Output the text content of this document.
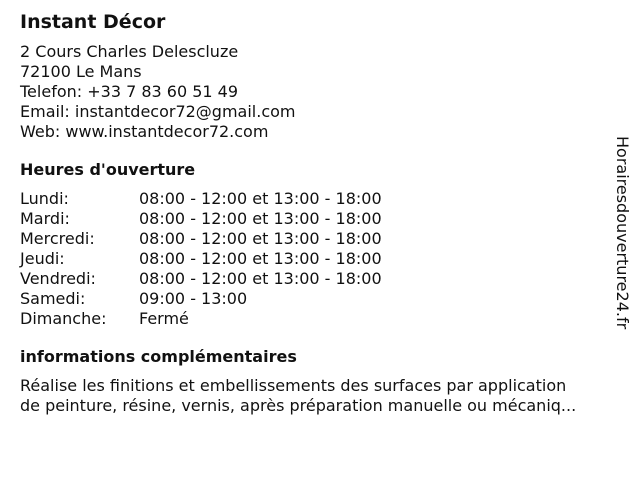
Instant Décor
2 Cours Charles Delescluze
72100 Le Mans
Telefon: +33 7 83 60 51 49
Email: instantdecor72@gmail.com
Web: www.instantdecor72.com
Heures d'ouverture
Lundi:	08:00 - 12:00 et 13:00 - 18:00
Mardi:	08:00 - 12:00 et 13:00 - 18:00
Mercredi:	08:00 - 12:00 et 13:00 - 18:00
Jeudi:	08:00 - 12:00 et 13:00 - 18:00
Vendredi:	08:00 - 12:00 et 13:00 - 18:00
Samedi:	09:00 - 13:00
Dimanche:	Fermé
informations complémentaires
Réalise les finitions et embellissements des surfaces par application
de peinture, résine, vernis, après préparation manuelle ou mécaniq...
Horairesdouverture24.fr
